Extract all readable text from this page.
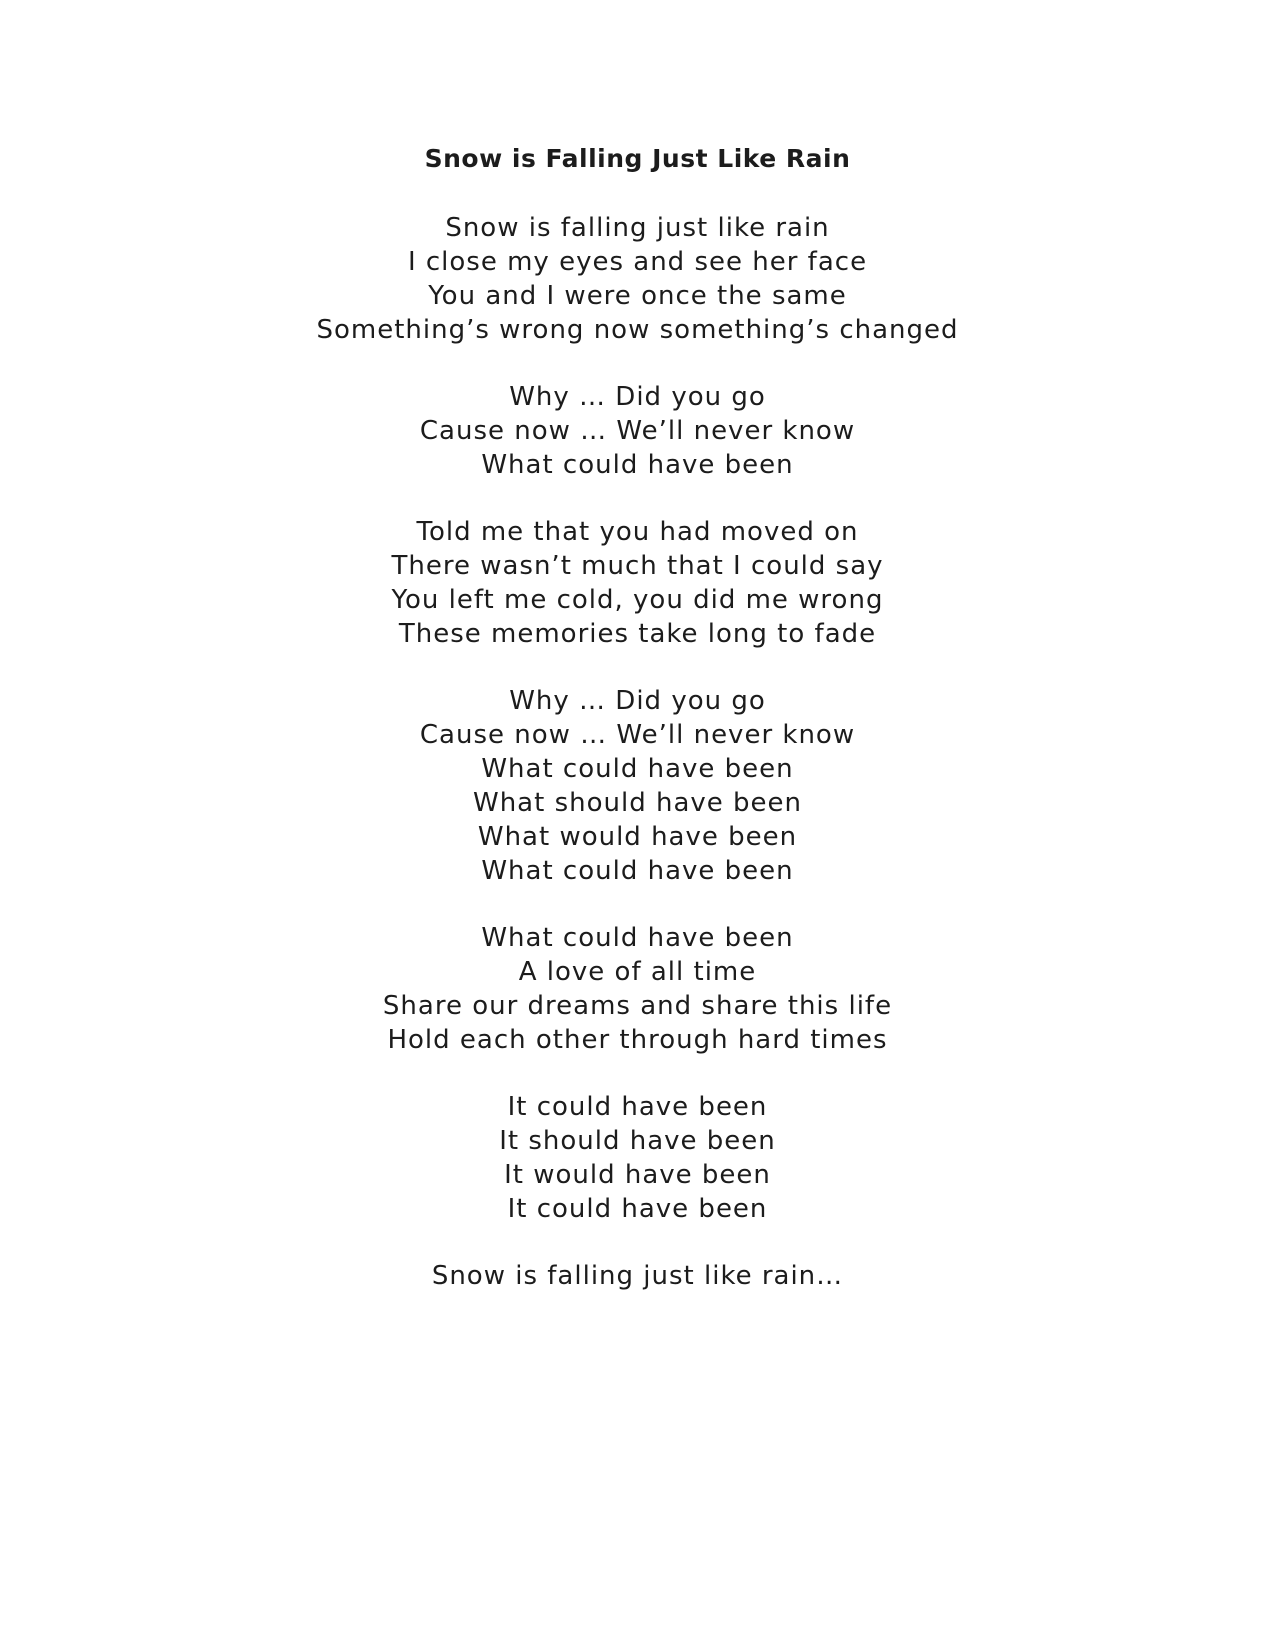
Snow is Falling Just Like Rain
Snow is falling just like rain
I close my eyes and see her face
You and I were once the same
Something’s wrong now something’s changed
Why … Did you go
Cause now … We’ll never know
What could have been
Told me that you had moved on
There wasn’t much that I could say
You left me cold, you did me wrong
These memories take long to fade
Why … Did you go
Cause now … We’ll never know
What could have been
What should have been
What would have been
What could have been
What could have been
A love of all time
Share our dreams and share this life
Hold each other through hard times
It could have been
It should have been
It would have been
It could have been
Snow is falling just like rain…
